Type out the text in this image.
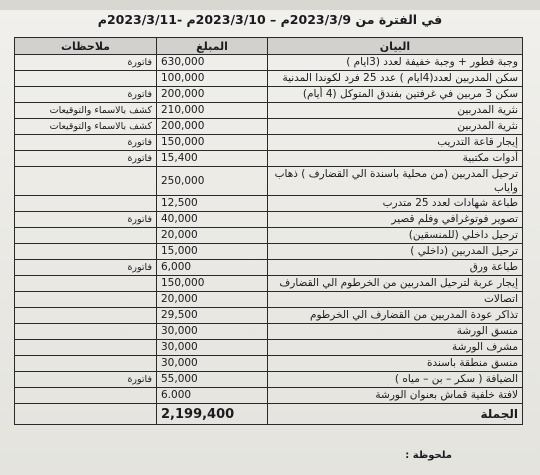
في الفترة من 2023/3/9م – 2023/3/10م -2023/3/11م
البيان	المبلغ	ملاحظات
وجبة فطور + وجبة خفيفة لعدد (3ايام )	630,000	فاتورة
سكن المدربين لعدد(4ايام ) عدد 25 فرد لكوندا المدنية	100,000	
سكن 3 مربين في غرفتين بفندق المتوكل (4 أيام)	200,000	فاتورة
نثرية المدربين	210,000	كشف بالاسماء والتوقيعات
نثرية المدربين	200,000	كشف بالاسماء والتوقيعات
إيجار قاعة التدريب	150,000	فاتورة
أدوات مكتبية	15,400	فاتورة
ترحيل المدربين (من محلية باسندة الي القضارف ) ذهاب واياب	250,000	
طباعة شهادات لعدد 25 متدرب	12,500	
تصوير فوتوغرافي وفلم قصير	40,000	فاتورة
ترحيل داخلي (للمنسقين)	20,000	
ترحيل المدربين (داخلي )	15,000	
طباعة ورق	6,000	فاتورة
إيجار عربة لترحيل المدربين من الخرطوم الي القضارف	150,000	
اتصالات	20,000	
تذاكر عودة المدربين من القضارف الي الخرطوم	29,500	
منسق الورشة	30,000	
مشرف الورشة	30,000	
منسق منطقة باسندة	30,000	
الضيافة ( سكر – بن – مياه )	55,000	فاتورة
لافتة خلفية قماش بعنوان الورشة	6.000	
الجملة	2,199,400	
ملحوظة :
